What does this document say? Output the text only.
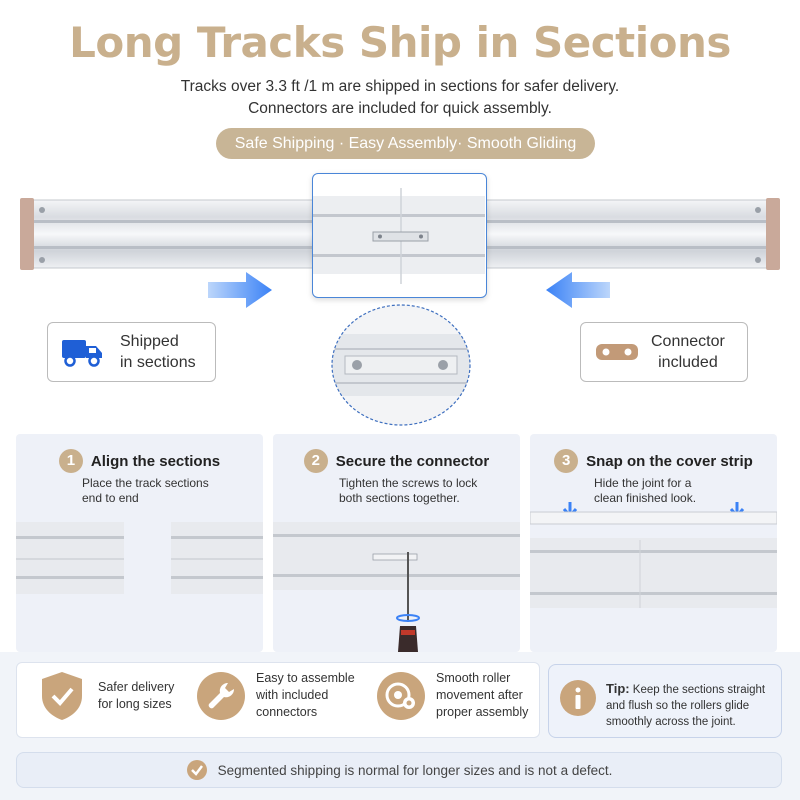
Long Tracks Ship in Sections
Tracks over 3.3 ft /1 m are shipped in sections for safer delivery.
Connectors are included for quick assembly.
Safe Shipping · Easy Assembly· Smooth Gliding
Shipped
in sections
Connector
included
1	Align the sections
Place the track sections
end to end
2	Secure the connector
Tighten the screws to lock
both sections together.
3	Snap on the cover strip
Hide the joint for a
clean finished look.
Safer delivery
for long sizes
Easy to assemble
with included
connectors
Smooth roller
movement after
proper assembly
Tip: Keep the sections straight and flush so the rollers glide smoothly across the joint.
Segmented shipping is normal for longer sizes and is not a defect.
